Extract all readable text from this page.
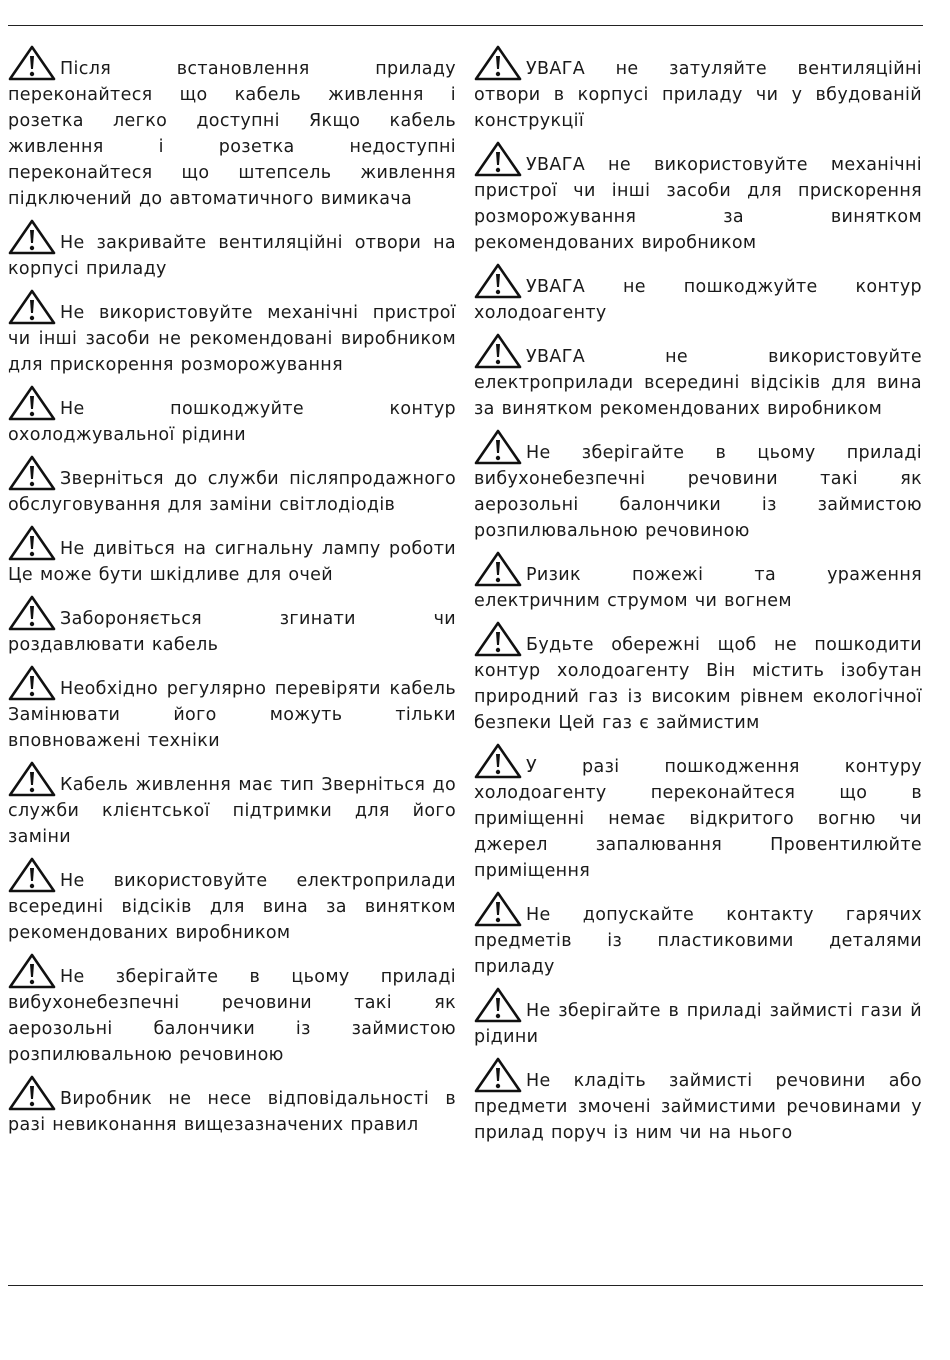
Після встановлення приладу переконайтеся що кабель живлення і розетка легко доступні Якщо кабель живлення і розетка недоступні переконайтеся що штепсель живлення підключений до автоматичного вимикача

Не закривайте вентиляційні отвори на корпусі приладу

Не використовуйте механічні пристрої чи інші засоби не рекомендовані виробником для прискорення розморожування

Не пошкоджуйте контур охолоджувальної рідини

Зверніться до служби післяпродажного обслуговування для заміни світлодіодів

Не дивіться на сигнальну лампу роботи Це може бути шкідливе для очей

Забороняється згинати чи роздавлювати кабель

Необхідно регулярно перевіряти кабель Замінювати його можуть тільки вповноважені техніки

Кабель живлення має тип Зверніться до служби клієнтської підтримки для його заміни

Не використовуйте електроприлади всередині відсіків для вина за винятком рекомендованих виробником

Не зберігайте в цьому приладі вибухонебезпечні речовини такі як аерозольні балончики із займистою розпилювальною речовиною

Виробник не несе відповідальності в разі невиконання вищезазначених правил

УВАГА не затуляйте вентиляційні отвори в корпусі приладу чи у вбудованій конструкції

УВАГА не використовуйте механічні пристрої чи інші засоби для прискорення розморожування за винятком рекомендованих виробником

УВАГА не пошкоджуйте контур холодоагенту

УВАГА не використовуйте електроприлади всередині відсіків для вина за винятком рекомендованих виробником

Не зберігайте в цьому приладі вибухонебезпечні речовини такі як аерозольні балончики із займистою розпилювальною речовиною

Ризик пожежі та ураження електричним струмом чи вогнем

Будьте обережні щоб не пошкодити контур холодоагенту Він містить ізобутан природний газ із високим рівнем екологічної безпеки Цей газ є займистим

У разі пошкодження контуру холодоагенту переконайтеся що в приміщенні немає відкритого вогню чи джерел запалювання Провентилюйте приміщення

Не допускайте контакту гарячих предметів із пластиковими деталями приладу

Не зберігайте в приладі займисті гази й рідини

Не кладіть займисті речовини або предмети змочені займистими речовинами у прилад поруч із ним чи на нього
